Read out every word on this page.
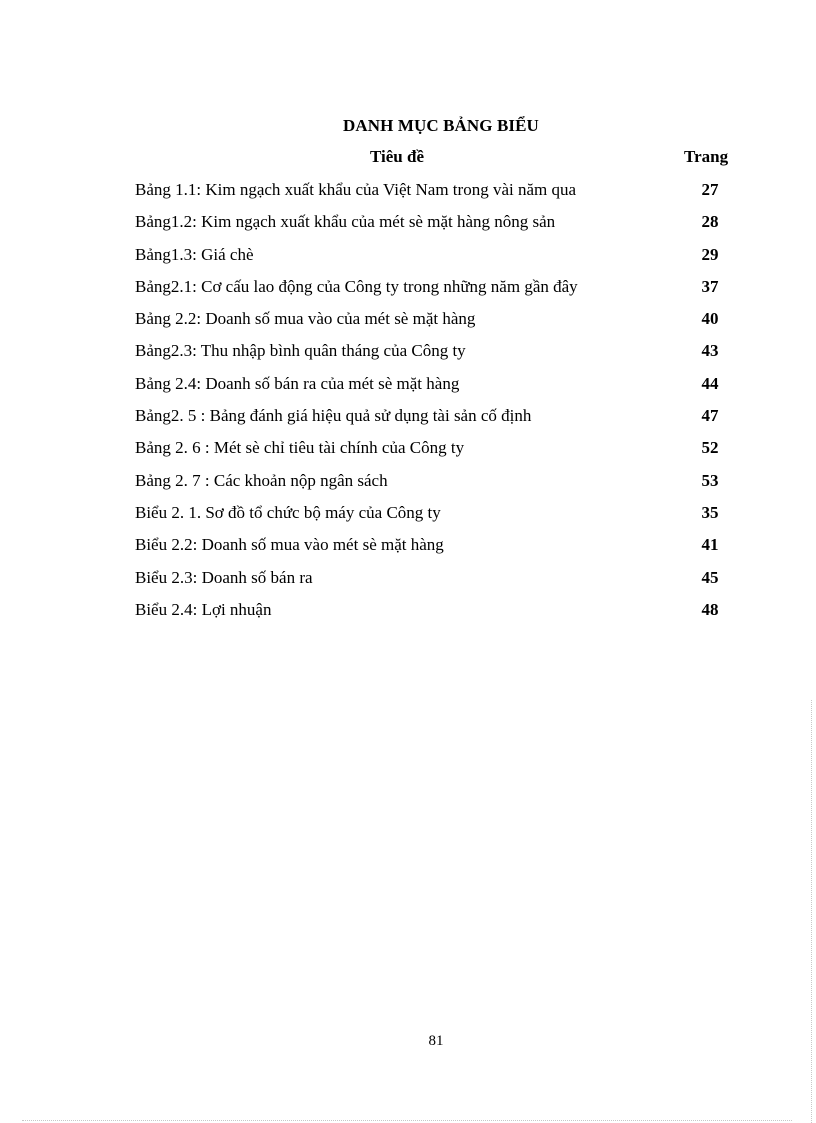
DANH MỤC BẢNG BIỂU
Tiêu đề	Trang
Bảng 1.1: Kim ngạch xuất khẩu của Việt Nam trong vài năm qua	27
Bảng1.2: Kim ngạch xuất khẩu của mét sè mặt hàng nông sản	28
Bảng1.3: Giá chè	29
Bảng2.1: Cơ cấu lao động của Công ty trong những năm gần đây	37
Bảng 2.2: Doanh số mua vào của mét sè mặt hàng	40
Bảng2.3: Thu nhập bình quân tháng của Công ty	43
Bảng 2.4: Doanh số bán ra của mét sè mặt hàng	44
Bảng2. 5 : Bảng đánh giá hiệu quả sử dụng tài sản cố định	47
Bảng 2. 6 : Mét sè chỉ tiêu tài chính của Công ty	52
Bảng 2. 7 : Các khoản nộp ngân sách	53
Biểu 2. 1. Sơ đồ tổ chức bộ máy của Công ty	35
Biểu 2.2: Doanh số mua vào mét sè mặt hàng	41
Biểu 2.3: Doanh số bán ra	45
Biểu 2.4: Lợi nhuận	48
81
